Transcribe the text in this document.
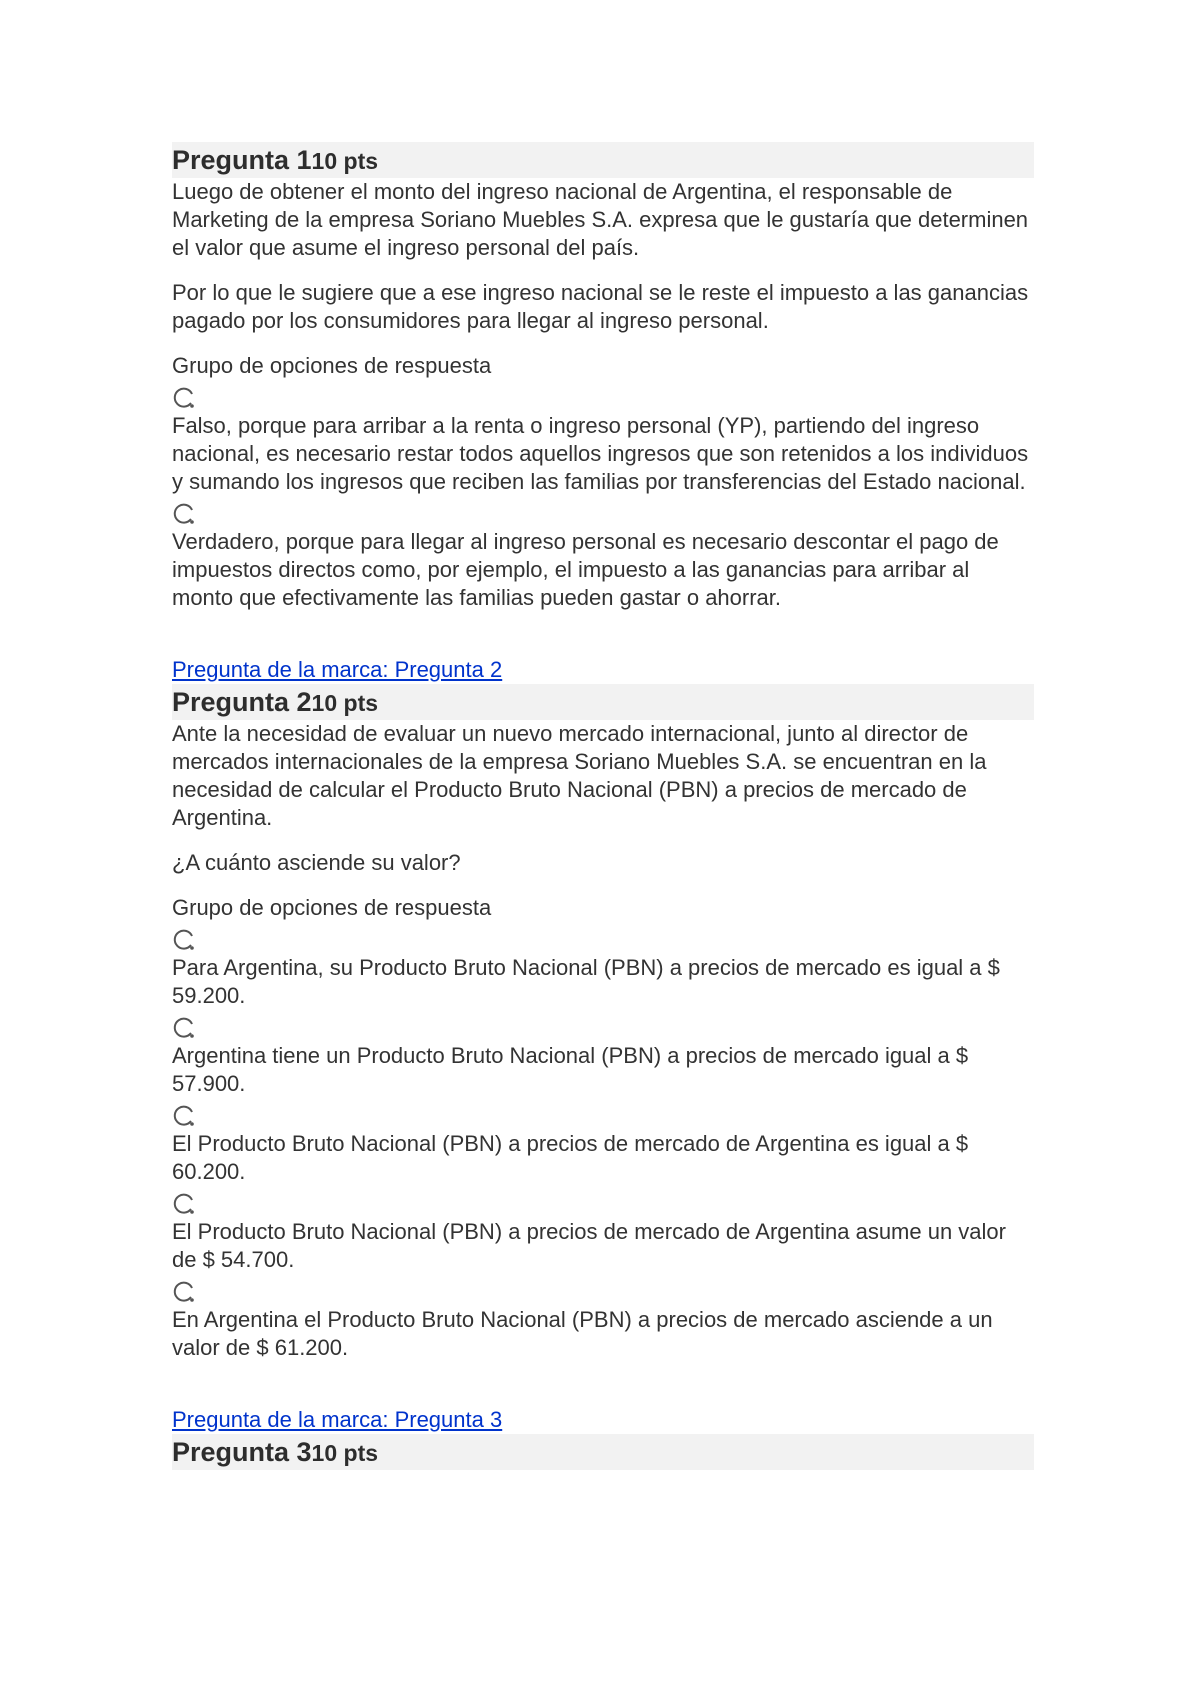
Pregunta 110 pts

Luego de obtener el monto del ingreso nacional de Argentina, el responsable de Marketing de la empresa Soriano Muebles S.A. expresa que le gustaría que determinen el valor que asume el ingreso personal del país.

Por lo que le sugiere que a ese ingreso nacional se le reste el impuesto a las ganancias pagado por los consumidores para llegar al ingreso personal.

Grupo de opciones de respuesta

Falso, porque para arribar a la renta o ingreso personal (YP), partiendo del ingreso nacional, es necesario restar todos aquellos ingresos que son retenidos a los individuos y sumando los ingresos que reciben las familias por transferencias del Estado nacional.

Verdadero, porque para llegar al ingreso personal es necesario descontar el pago de impuestos directos como, por ejemplo, el impuesto a las ganancias para arribar al monto que efectivamente las familias pueden gastar o ahorrar.

Pregunta de la marca: Pregunta 2
Pregunta 210 pts

Ante la necesidad de evaluar un nuevo mercado internacional, junto al director de mercados internacionales de la empresa Soriano Muebles S.A. se encuentran en la necesidad de calcular el Producto Bruto Nacional (PBN) a precios de mercado de Argentina.

¿A cuánto asciende su valor?

Grupo de opciones de respuesta

Para Argentina, su Producto Bruto Nacional (PBN) a precios de mercado es igual a $ 59.200.

Argentina tiene un Producto Bruto Nacional (PBN) a precios de mercado igual a $ 57.900.

El Producto Bruto Nacional (PBN) a precios de mercado de Argentina es igual a $ 60.200.

El Producto Bruto Nacional (PBN) a precios de mercado de Argentina asume un valor de $ 54.700.

En Argentina el Producto Bruto Nacional (PBN) a precios de mercado asciende a un valor de $ 61.200.

Pregunta de la marca: Pregunta 3
Pregunta 310 pts
